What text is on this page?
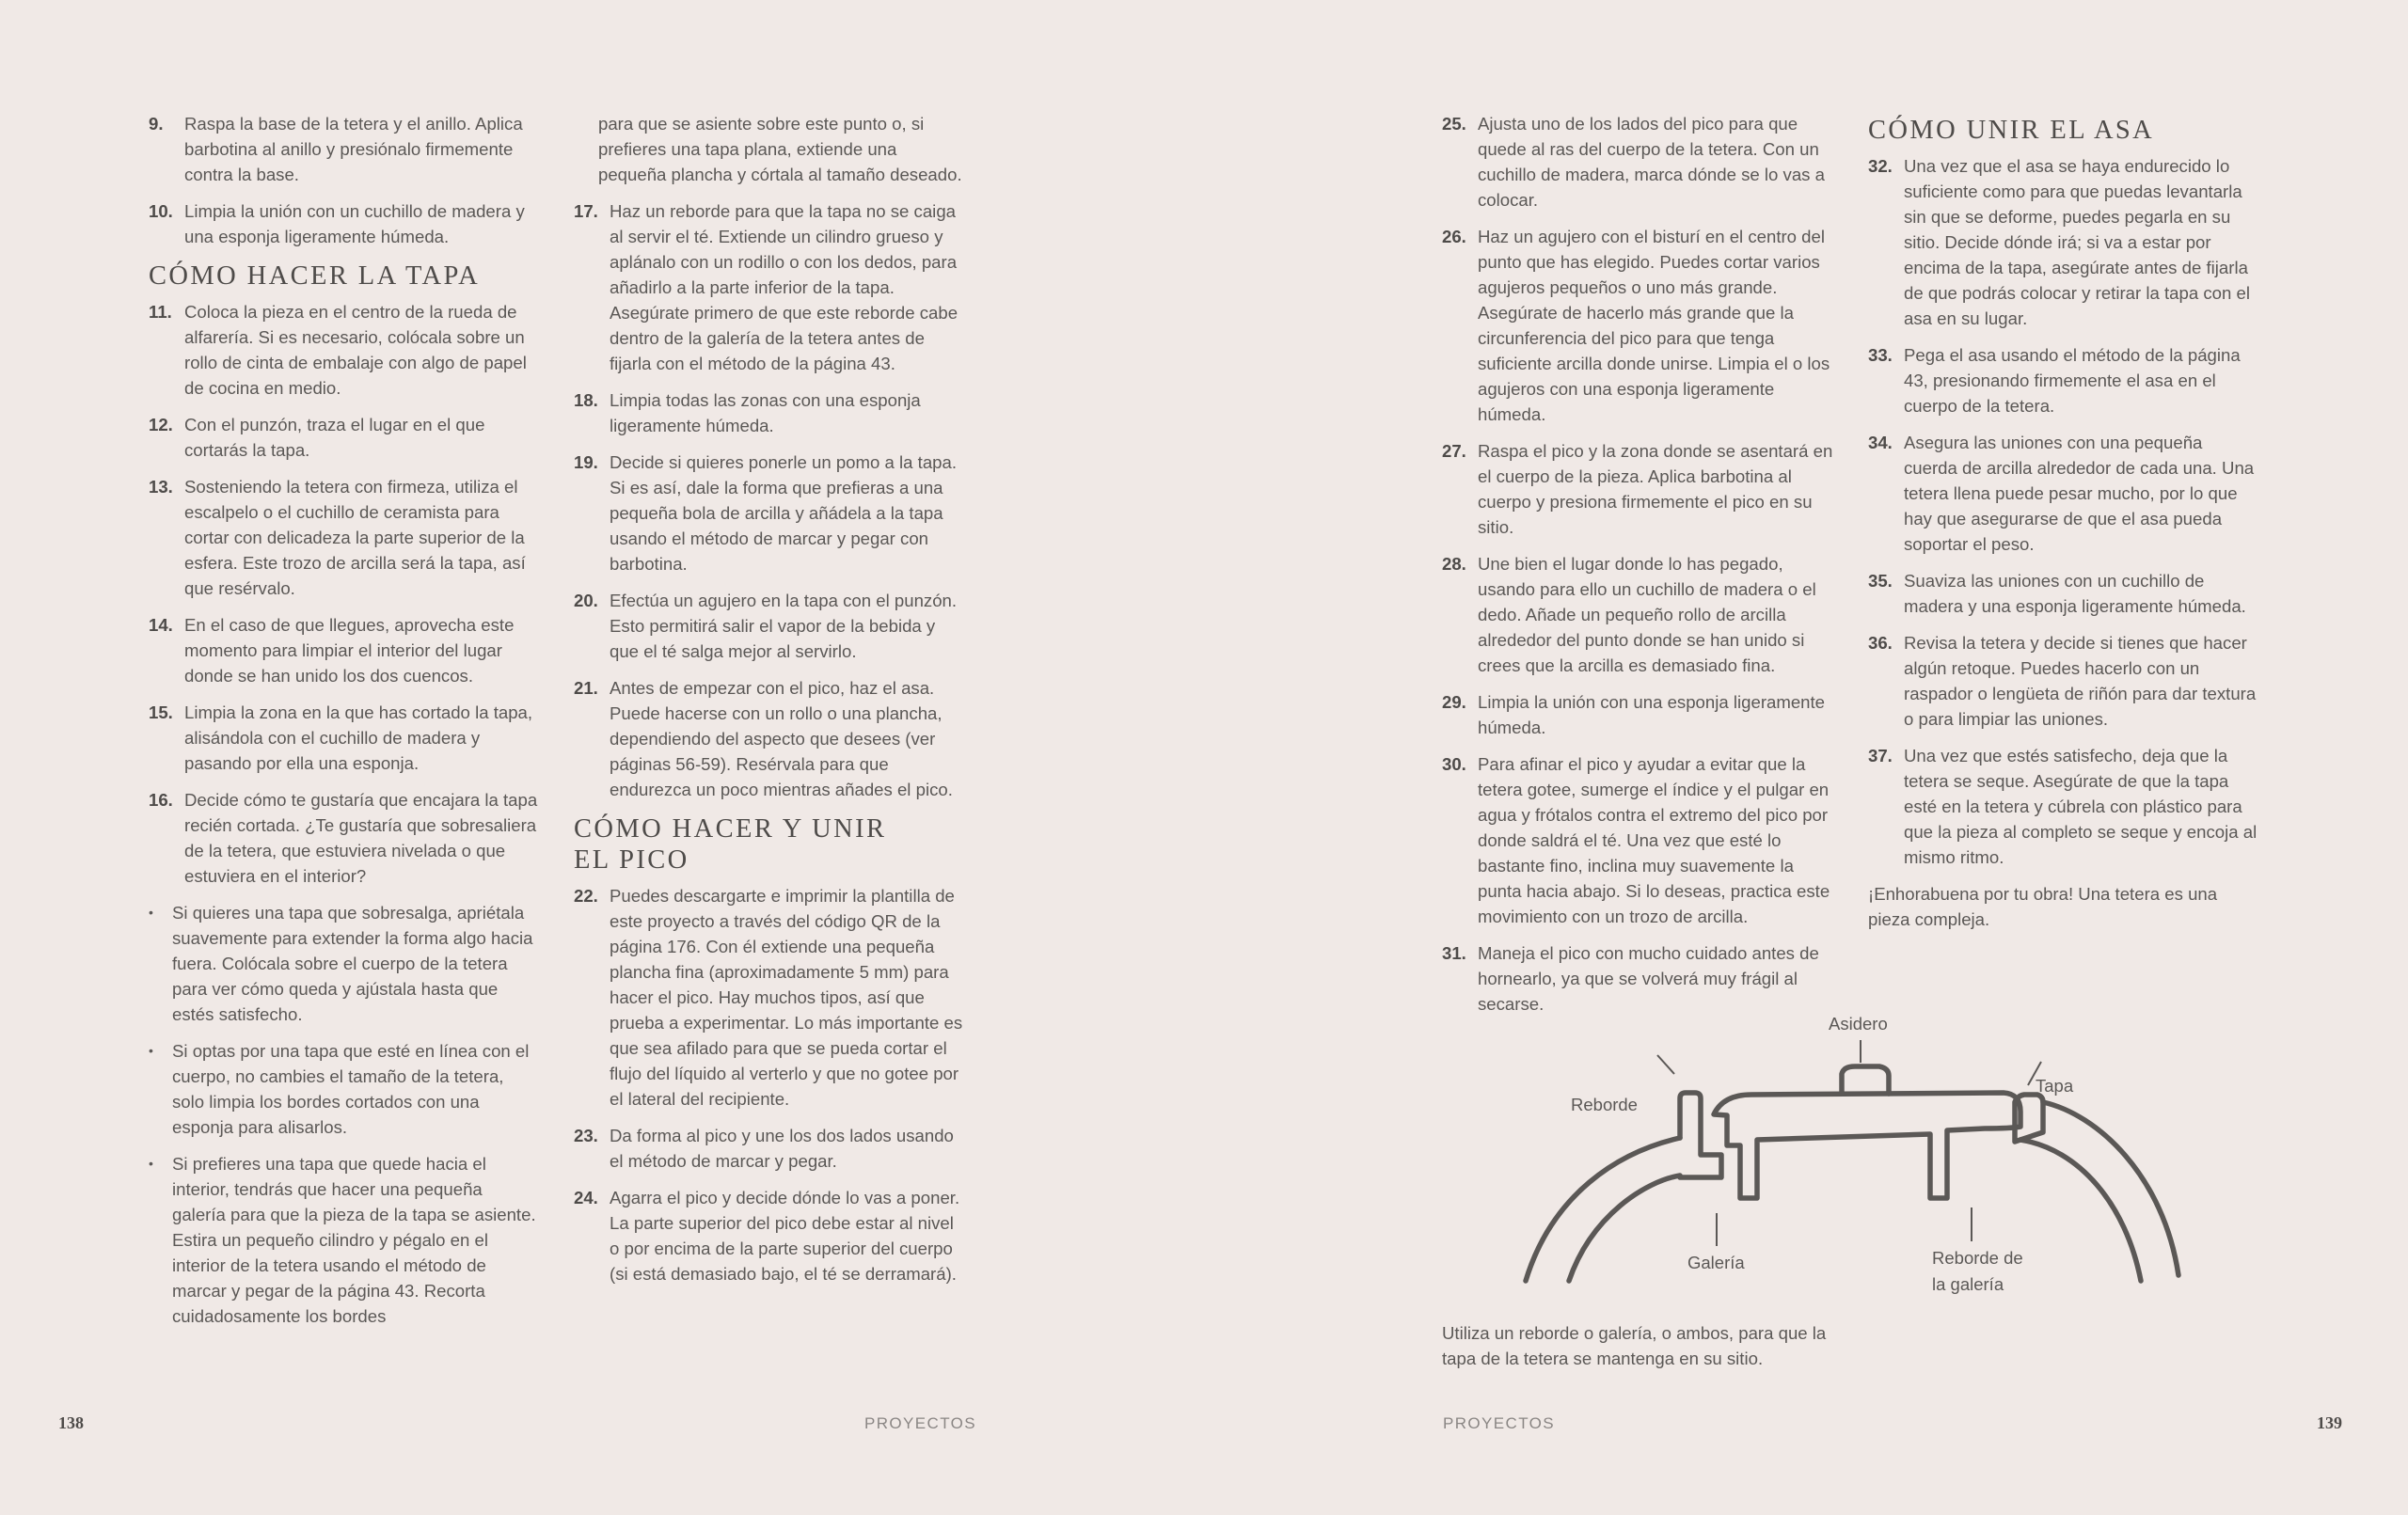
9. Raspa la base de la tetera y el anillo. Aplica barbotina al anillo y presiónalo firmemente contra la base.
10. Limpia la unión con un cuchillo de madera y una esponja ligeramente húmeda.
CÓMO HACER LA TAPA
11. Coloca la pieza en el centro de la rueda de alfarería. Si es necesario, colócala sobre un rollo de cinta de embalaje con algo de papel de cocina en medio.
12. Con el punzón, traza el lugar en el que cortarás la tapa.
13. Sosteniendo la tetera con firmeza, utiliza el escalpelo o el cuchillo de ceramista para cortar con delicadeza la parte superior de la esfera. Este trozo de arcilla será la tapa, así que resérvalo.
14. En el caso de que llegues, aprovecha este momento para limpiar el interior del lugar donde se han unido los dos cuencos.
15. Limpia la zona en la que has cortado la tapa, alisándola con el cuchillo de madera y pasando por ella una esponja.
16. Decide cómo te gustaría que encajara la tapa recién cortada. ¿Te gustaría que sobresaliera de la tetera, que estuviera nivelada o que estuviera en el interior?
• Si quieres una tapa que sobresalga, apriétala suavemente para extender la forma algo hacia fuera. Colócala sobre el cuerpo de la tetera para ver cómo queda y ajústala hasta que estés satisfecho.
• Si optas por una tapa que esté en línea con el cuerpo, no cambies el tamaño de la tetera, solo limpia los bordes cortados con una esponja para alisarlos.
• Si prefieres una tapa que quede hacia el interior, tendrás que hacer una pequeña galería para que la pieza de la tapa se asiente. Estira un pequeño cilindro y pégalo en el interior de la tetera usando el método de marcar y pegar de la página 43. Recorta cuidadosamente los bordes

para que se asiente sobre este punto o, si prefieres una tapa plana, extiende una pequeña plancha y córtala al tamaño deseado.

17. Haz un reborde para que la tapa no se caiga al servir el té. Extiende un cilindro grueso y aplánalo con un rodillo o con los dedos, para añadirlo a la parte inferior de la tapa. Asegúrate primero de que este reborde cabe dentro de la galería de la tetera antes de fijarla con el método de la página 43.
18. Limpia todas las zonas con una esponja ligeramente húmeda.
19. Decide si quieres ponerle un pomo a la tapa. Si es así, dale la forma que prefieras a una pequeña bola de arcilla y añádela a la tapa usando el método de marcar y pegar con barbotina.
20. Efectúa un agujero en la tapa con el punzón. Esto permitirá salir el vapor de la bebida y que el té salga mejor al servirlo.
21. Antes de empezar con el pico, haz el asa. Puede hacerse con un rollo o una plancha, dependiendo del aspecto que desees (ver páginas 56-59). Resérvala para que endurezca un poco mientras añades el pico.
CÓMO HACER Y UNIR EL PICO
22. Puedes descargarte e imprimir la plantilla de este proyecto a través del código QR de la página 176. Con él extiende una pequeña plancha fina (aproximadamente 5 mm) para hacer el pico. Hay muchos tipos, así que prueba a experimentar. Lo más importante es que sea afilado para que se pueda cortar el flujo del líquido al verterlo y que no gotee por el lateral del recipiente.
23. Da forma al pico y une los dos lados usando el método de marcar y pegar.
24. Agarra el pico y decide dónde lo vas a poner. La parte superior del pico debe estar al nivel o por encima de la parte superior del cuerpo (si está demasiado bajo, el té se derramará).
25. Ajusta uno de los lados del pico para que quede al ras del cuerpo de la tetera. Con un cuchillo de madera, marca dónde se lo vas a colocar.
26. Haz un agujero con el bisturí en el centro del punto que has elegido. Puedes cortar varios agujeros pequeños o uno más grande. Asegúrate de hacerlo más grande que la circunferencia del pico para que tenga suficiente arcilla donde unirse. Limpia el o los agujeros con una esponja ligeramente húmeda.
27. Raspa el pico y la zona donde se asentará en el cuerpo de la pieza. Aplica barbotina al cuerpo y presiona firmemente el pico en su sitio.
28. Une bien el lugar donde lo has pegado, usando para ello un cuchillo de madera o el dedo. Añade un pequeño rollo de arcilla alrededor del punto donde se han unido si crees que la arcilla es demasiado fina.
29. Limpia la unión con una esponja ligeramente húmeda.
30. Para afinar el pico y ayudar a evitar que la tetera gotee, sumerge el índice y el pulgar en agua y frótalos contra el extremo del pico por donde saldrá el té. Una vez que esté lo bastante fino, inclina muy suavemente la punta hacia abajo. Si lo deseas, practica este movimiento con un trozo de arcilla.
31. Maneja el pico con mucho cuidado antes de hornearlo, ya que se volverá muy frágil al secarse.
CÓMO UNIR EL ASA
32. Una vez que el asa se haya endurecido lo suficiente como para que puedas levantarla sin que se deforme, puedes pegarla en su sitio. Decide dónde irá; si va a estar por encima de la tapa, asegúrate antes de fijarla de que podrás colocar y retirar la tapa con el asa en su lugar.
33. Pega el asa usando el método de la página 43, presionando firmemente el asa en el cuerpo de la tetera.
34. Asegura las uniones con una pequeña cuerda de arcilla alrededor de cada una. Una tetera llena puede pesar mucho, por lo que hay que asegurarse de que el asa pueda soportar el peso.
35. Suaviza las uniones con un cuchillo de madera y una esponja ligeramente húmeda.
36. Revisa la tetera y decide si tienes que hacer algún retoque. Puedes hacerlo con un raspador o lengüeta de riñón para dar textura o para limpiar las uniones.
37. Una vez que estés satisfecho, deja que la tetera se seque. Asegúrate de que la tapa esté en la tetera y cúbrela con plástico para que la pieza al completo se seque y encoja al mismo ritmo.

¡Enhorabuena por tu obra! Una tetera es una pieza compleja.

Asidero
Tapa
Reborde
Galería	Reborde de
la galería

Utiliza un reborde o galería, o ambos, para que la tapa de la tetera se mantenga en su sitio.

138	PROYECTOS	PROYECTOS	139
